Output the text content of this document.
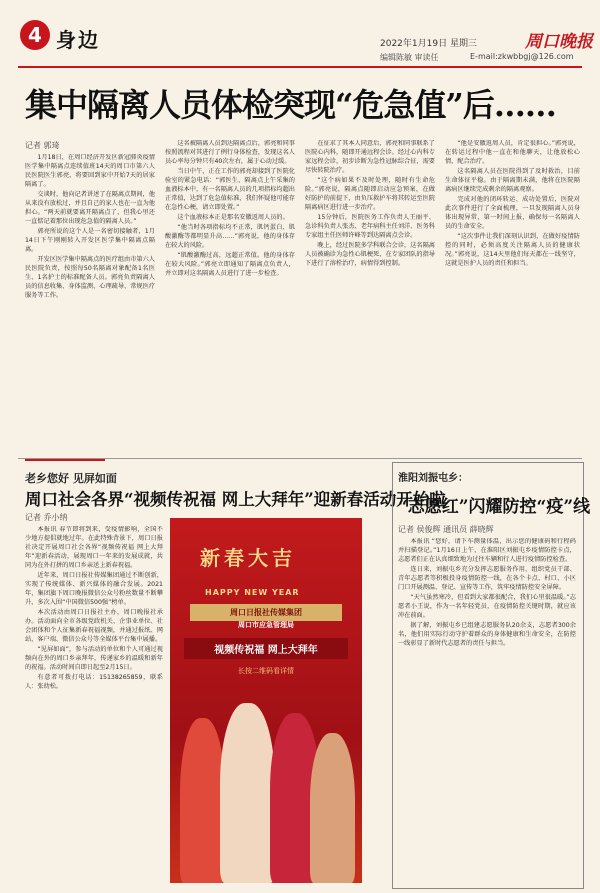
4 身边	2022年1月19日 星期三	周口晚报
编辑陈敏 审读任	E-mail:zkwbbgj@126.com
集中隔离人员体检突现“危急值”后……
记者 郭琦

1月18日，在周口经济开发区新冠肺炎疫情医学集中隔离点连续值班14天的周口市第六人民医院医生郭亮，将要回到家中开始7天的居家隔离了。

交谈时，他向记者讲述了在隔离点期间，他从来没有放松过，并且自己的家人也在一直为他担心。“两天前就要离开隔离点了，但我心里还一直惦记着那位出现危急值的隔离人员。”

郭亮所说的这个人是一名密切接触者，1月14日下午刚刚转入开发区医学集中隔离点隔离。

开发区医学集中隔离点的医疗组由市第六人民医院负责，按照每50名隔离对象配备1名医生、1名护士的标准配备人员。郭亮负责隔离人员的信息收集、身体监测、心理疏导、常规医疗服务等工作。

这名被隔离人员到达隔离点后，郭亮和同事按照流程对其进行了例行身体检查，发现这名人员心率每分钟只有40次左右，属于心动过缓。

当日中午，正在工作的郭亮却接到了医院化验室的紧急电话：“郭医生，隔离点上午采集的血液标本中，有一名隔离人员的几项指标均超出正常值，达到了危急值标准，我们怀疑他可能存在急性心梗，请立即处置。”

这个血液标本正是那名安徽返周人员的。

“他当时各项指标均不正常，肌钙蛋白、肌酸激酶等都明显升高……”郭亮说，他的身体存在较大的风险。

“肌酸激酶过高，远超正常值。他的身体存在较大风险。”郭亮立即通知了隔离点负责人，并立即对这名隔离人员进行了进一步检查。

在征求了其本人同意后，郭亮和同事联系了医院心内科，随即开通远程会诊。经过心内科专家远程会诊，初步诊断为急性冠脉综合征，需要尽快转院治疗。

“这个病如果不及时处理，随时有生命危险。”郭亮说，隔离点随即启动应急预案，在做好防护的前提下，由负压救护车将其转运至医院隔离病区进行进一步治疗。

15分钟后，医院医务工作负责人王丽平、急诊科负责人张杰、老年病科主任刘洋、医务科专家组主任医师许峰等到达隔离点会诊。

晚上，经过医院多学科联合会诊，这名隔离人员被确诊为急性心肌梗死，在专家团队的指导下进行了溶栓治疗，病情得到控制。

“他是安徽返周人员，肯定很担心。”郭亮说，在转运过程中他一直在和他聊天，让他放松心情，配合治疗。

这名隔离人员在医院得到了及时救治，目前生命体征平稳。由于隔离期未满，他将在医院隔离病区继续完成剩余的隔离观察。

完成对他的闭环转运、成功处置后，医院对此次事件进行了全面梳理，一旦发现隔离人员身体出现异常，第一时间上报，确保每一名隔离人员的生命安全。

“这次事件让我们深刻认识到，在做好疫情防控的同时，必须高度关注隔离人员的健康状况。”郭亮说，这14天里他们每天都在一线坚守，这就是医护人员的责任和担当。

老乡您好 见屏如面
周口社会各界“视频传祝福 网上大拜年”迎新春活动开始啦
记者 乔小纳

本报讯 春节即将到来，受疫情影响，全国不少地方提倡就地过年。在此特殊背景下，周口日报社决定开展周口社会各界“视频传祝福 网上大拜年”迎新春活动，展现周口一年来的发展成就，共同为在外打拼的周口乡亲送上新春祝福。

近年来，周口日报社传媒集团通过不断创新，实现了传统媒体、新兴媒体的融合发展。2021年，集团旗下周口晚报微信公众号粉丝数量不断攀升，多次入围“中国微信500强”榜单。

本次活动由周口日报社主办，周口晚报社承办。活动面向全市各级党政机关、企事业单位、社会团体和个人征集新春祝福视频，并通过报纸、网站、客户端、微信公众号等全媒体平台集中展播。

“见屏如面”，参与活动的单位和个人可通过视频向在外的周口乡亲拜年，传递家乡的温暖和新年的祝福。活动时间自即日起至2月15日。

有意者可拨打电话：15138265859，联系人：张幼松。

新春大吉
HAPPY NEW YEAR
周口日报社传媒集团
周口市应急管理局
视频传祝福 网上大拜年
长按二维码看详情
淮阳刘振屯乡：
“志愿红”闪耀防控“疫”线
记者 侯俊辉 通讯员 薛晓辉

本报讯 “您好，请下车测量体温，出示您的健康码和行程码并扫描登记。”1月16日上午，在淮阳区刘振屯乡疫情防控卡点，志愿者们正在认真细致地为过往车辆和行人进行疫情防控检查。

连日来，刘振屯乡充分发挥志愿服务作用，组织党员干部、青年志愿者等积极投身疫情防控一线，在各个卡点、村口、小区门口开展测温、登记、宣传等工作，筑牢疫情防控安全屏障。

“天气虽然寒冷，但看到大家都很配合，我们心里很温暖。”志愿者小王说，作为一名年轻党员，在疫情防控关键时期，就应该冲在前面。

据了解，刘振屯乡已组建志愿服务队20余支，志愿者300余名，他们用实际行动守护着群众的身体健康和生命安全，在防控一线彰显了新时代志愿者的责任与担当。
